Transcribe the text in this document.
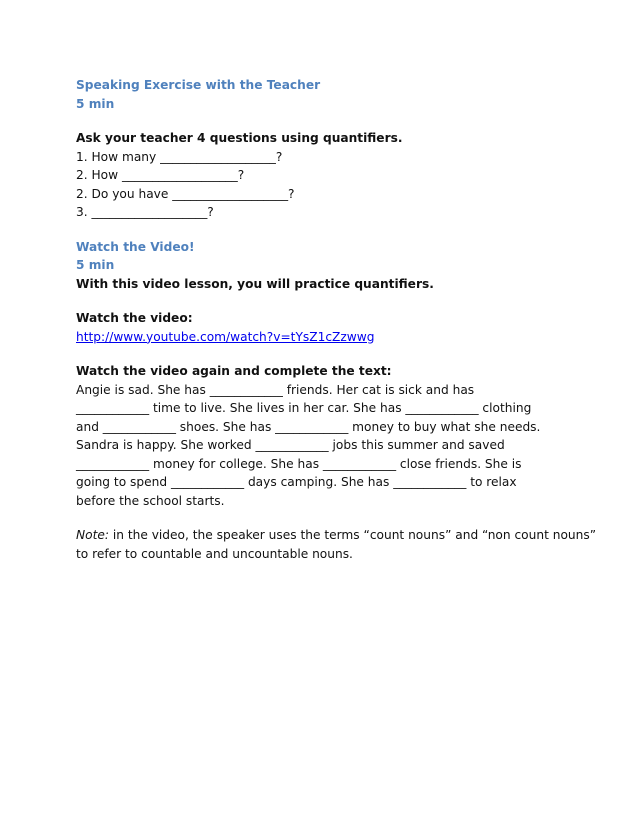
Speaking Exercise with the Teacher

5 min

Ask your teacher 4 questions using quantifiers.

1. How many ___________________?

2. How ___________________?

2. Do you have ___________________?

3. ___________________?

Watch the Video!

5 min

With this video lesson, you will practice quantifiers.

Watch the video:

http://www.youtube.com/watch?v=tYsZ1cZzwwg

Watch the video again and complete the text:

Angie is sad. She has ____________ friends. Her cat is sick and has

____________ time to live. She lives in her car. She has ____________ clothing

and ____________ shoes. She has ____________ money to buy what she needs.

Sandra is happy. She worked ____________ jobs this summer and saved

____________ money for college. She has ____________ close friends. She is

going to spend ____________ days camping. She has ____________ to relax

before the school starts.

Note: in the video, the speaker uses the terms “count nouns” and “non count nouns”

to refer to countable and uncountable nouns.
